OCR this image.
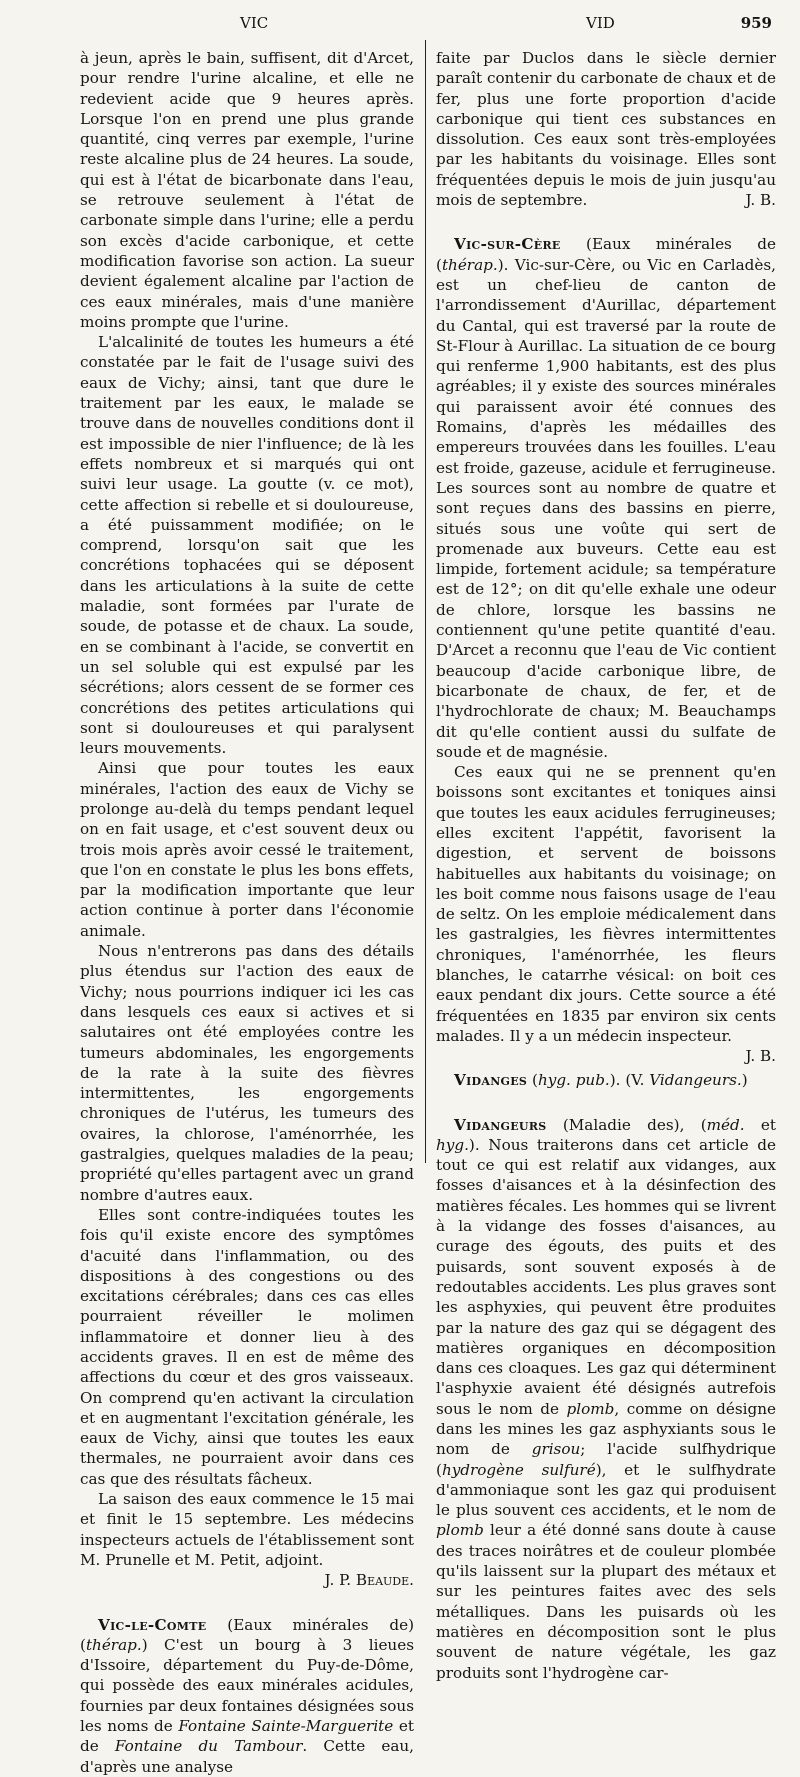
VIC	VID	959

à jeun, après le bain, suffisent, dit d'Arcet, pour rendre l'urine alcaline, et elle ne redevient acide que 9 heures après. Lorsque l'on en prend une plus grande quantité, cinq verres par exemple, l'urine reste alcaline plus de 24 heures. La soude, qui est à l'état de bicarbonate dans l'eau, se retrouve seulement à l'état de carbonate simple dans l'urine; elle a perdu son excès d'acide carbonique, et cette modification favorise son action. La sueur devient également alcaline par l'action de ces eaux minérales, mais d'une manière moins prompte que l'urine.

L'alcalinité de toutes les humeurs a été constatée par le fait de l'usage suivi des eaux de Vichy; ainsi, tant que dure le traitement par les eaux, le malade se trouve dans de nouvelles conditions dont il est impossible de nier l'influence; de là les effets nombreux et si marqués qui ont suivi leur usage. La goutte (v. ce mot), cette affection si rebelle et si douloureuse, a été puissamment modifiée; on le comprend, lorsqu'on sait que les concrétions tophacées qui se déposent dans les articulations à la suite de cette maladie, sont formées par l'urate de soude, de potasse et de chaux. La soude, en se combinant à l'acide, se convertit en un sel soluble qui est expulsé par les sécrétions; alors cessent de se former ces concrétions des petites articulations qui sont si douloureuses et qui paralysent leurs mouvements.

Ainsi que pour toutes les eaux minérales, l'action des eaux de Vichy se prolonge au-delà du temps pendant lequel on en fait usage, et c'est souvent deux ou trois mois après avoir cessé le traitement, que l'on en constate le plus les bons effets, par la modification importante que leur action continue à porter dans l'économie animale.

Nous n'entrerons pas dans des détails plus étendus sur l'action des eaux de Vichy; nous pourrions indiquer ici les cas dans lesquels ces eaux si actives et si salutaires ont été employées contre les tumeurs abdominales, les engorgements de la rate à la suite des fièvres intermittentes, les engorgements chroniques de l'utérus, les tumeurs des ovaires, la chlorose, l'aménorrhée, les gastralgies, quelques maladies de la peau; propriété qu'elles partagent avec un grand nombre d'autres eaux.

Elles sont contre-indiquées toutes les fois qu'il existe encore des symptômes d'acuité dans l'inflammation, ou des dispositions à des congestions ou des excitations cérébrales; dans ces cas elles pourraient réveiller le molimen inflammatoire et donner lieu à des accidents graves. Il en est de même des affections du cœur et des gros vaisseaux. On comprend qu'en activant la circulation et en augmentant l'excitation générale, les eaux de Vichy, ainsi que toutes les eaux thermales, ne pourraient avoir dans ces cas que des résultats fâcheux.

La saison des eaux commence le 15 mai et finit le 15 septembre. Les médecins inspecteurs actuels de l'établissement sont M. Prunelle et M. Petit, adjoint.
J. P. Beaude.

Vic-le-Comte (Eaux minérales de) (thérap.) C'est un bourg à 3 lieues d'Issoire, département du Puy-de-Dôme, qui possède des eaux minérales acidules, fournies par deux fontaines désignées sous les noms de Fontaine Sainte-Marguerite et de Fontaine du Tambour. Cette eau, d'après une analyse

faite par Duclos dans le siècle dernier paraît contenir du carbonate de chaux et de fer, plus une forte proportion d'acide carbonique qui tient ces substances en dissolution. Ces eaux sont très-employées par les habitants du voisinage. Elles sont fréquentées depuis le mois de juin jusqu'au mois de septembre.	J. B.

Vic-sur-Cère (Eaux minérales de (thérap.). Vic-sur-Cère, ou Vic en Carladès, est un chef-lieu de canton de l'arrondissement d'Aurillac, département du Cantal, qui est traversé par la route de St-Flour à Aurillac. La situation de ce bourg qui renferme 1,900 habitants, est des plus agréables; il y existe des sources minérales qui paraissent avoir été connues des Romains, d'après les médailles des empereurs trouvées dans les fouilles. L'eau est froide, gazeuse, acidule et ferrugineuse. Les sources sont au nombre de quatre et sont reçues dans des bassins en pierre, situés sous une voûte qui sert de promenade aux buveurs. Cette eau est limpide, fortement acidule; sa température est de 12°; on dit qu'elle exhale une odeur de chlore, lorsque les bassins ne contiennent qu'une petite quantité d'eau. D'Arcet a reconnu que l'eau de Vic contient beaucoup d'acide carbonique libre, de bicarbonate de chaux, de fer, et de l'hydrochlorate de chaux; M. Beauchamps dit qu'elle contient aussi du sulfate de soude et de magnésie.

Ces eaux qui ne se prennent qu'en boissons sont excitantes et toniques ainsi que toutes les eaux acidules ferrugineuses; elles excitent l'appétit, favorisent la digestion, et servent de boissons habituelles aux habitants du voisinage; on les boit comme nous faisons usage de l'eau de seltz. On les emploie médicalement dans les gastralgies, les fièvres intermittentes chroniques, l'aménorrhée, les fleurs blanches, le catarrhe vésical: on boit ces eaux pendant dix jours. Cette source a été fréquentées en 1835 par environ six cents malades. Il y a un médecin inspecteur.
J. B.

Vidanges (hyg. pub.). (V. Vidangeurs.)

Vidangeurs (Maladie des), (méd. et hyg.). Nous traiterons dans cet article de tout ce qui est relatif aux vidanges, aux fosses d'aisances et à la désinfection des matières fécales. Les hommes qui se livrent à la vidange des fosses d'aisances, au curage des égouts, des puits et des puisards, sont souvent exposés à de redoutables accidents. Les plus graves sont les asphyxies, qui peuvent être produites par la nature des gaz qui se dégagent des matières organiques en décomposition dans ces cloaques. Les gaz qui déterminent l'asphyxie avaient été désignés autrefois sous le nom de plomb, comme on désigne dans les mines les gaz asphyxiants sous le nom de grisou; l'acide sulfhydrique (hydrogène sulfuré), et le sulfhydrate d'ammoniaque sont les gaz qui produisent le plus souvent ces accidents, et le nom de plomb leur a été donné sans doute à cause des traces noirâtres et de couleur plombée qu'ils laissent sur la plupart des métaux et sur les peintures faites avec des sels métalliques. Dans les puisards où les matières en décomposition sont le plus souvent de nature végétale, les gaz produits sont l'hydrogène car-
